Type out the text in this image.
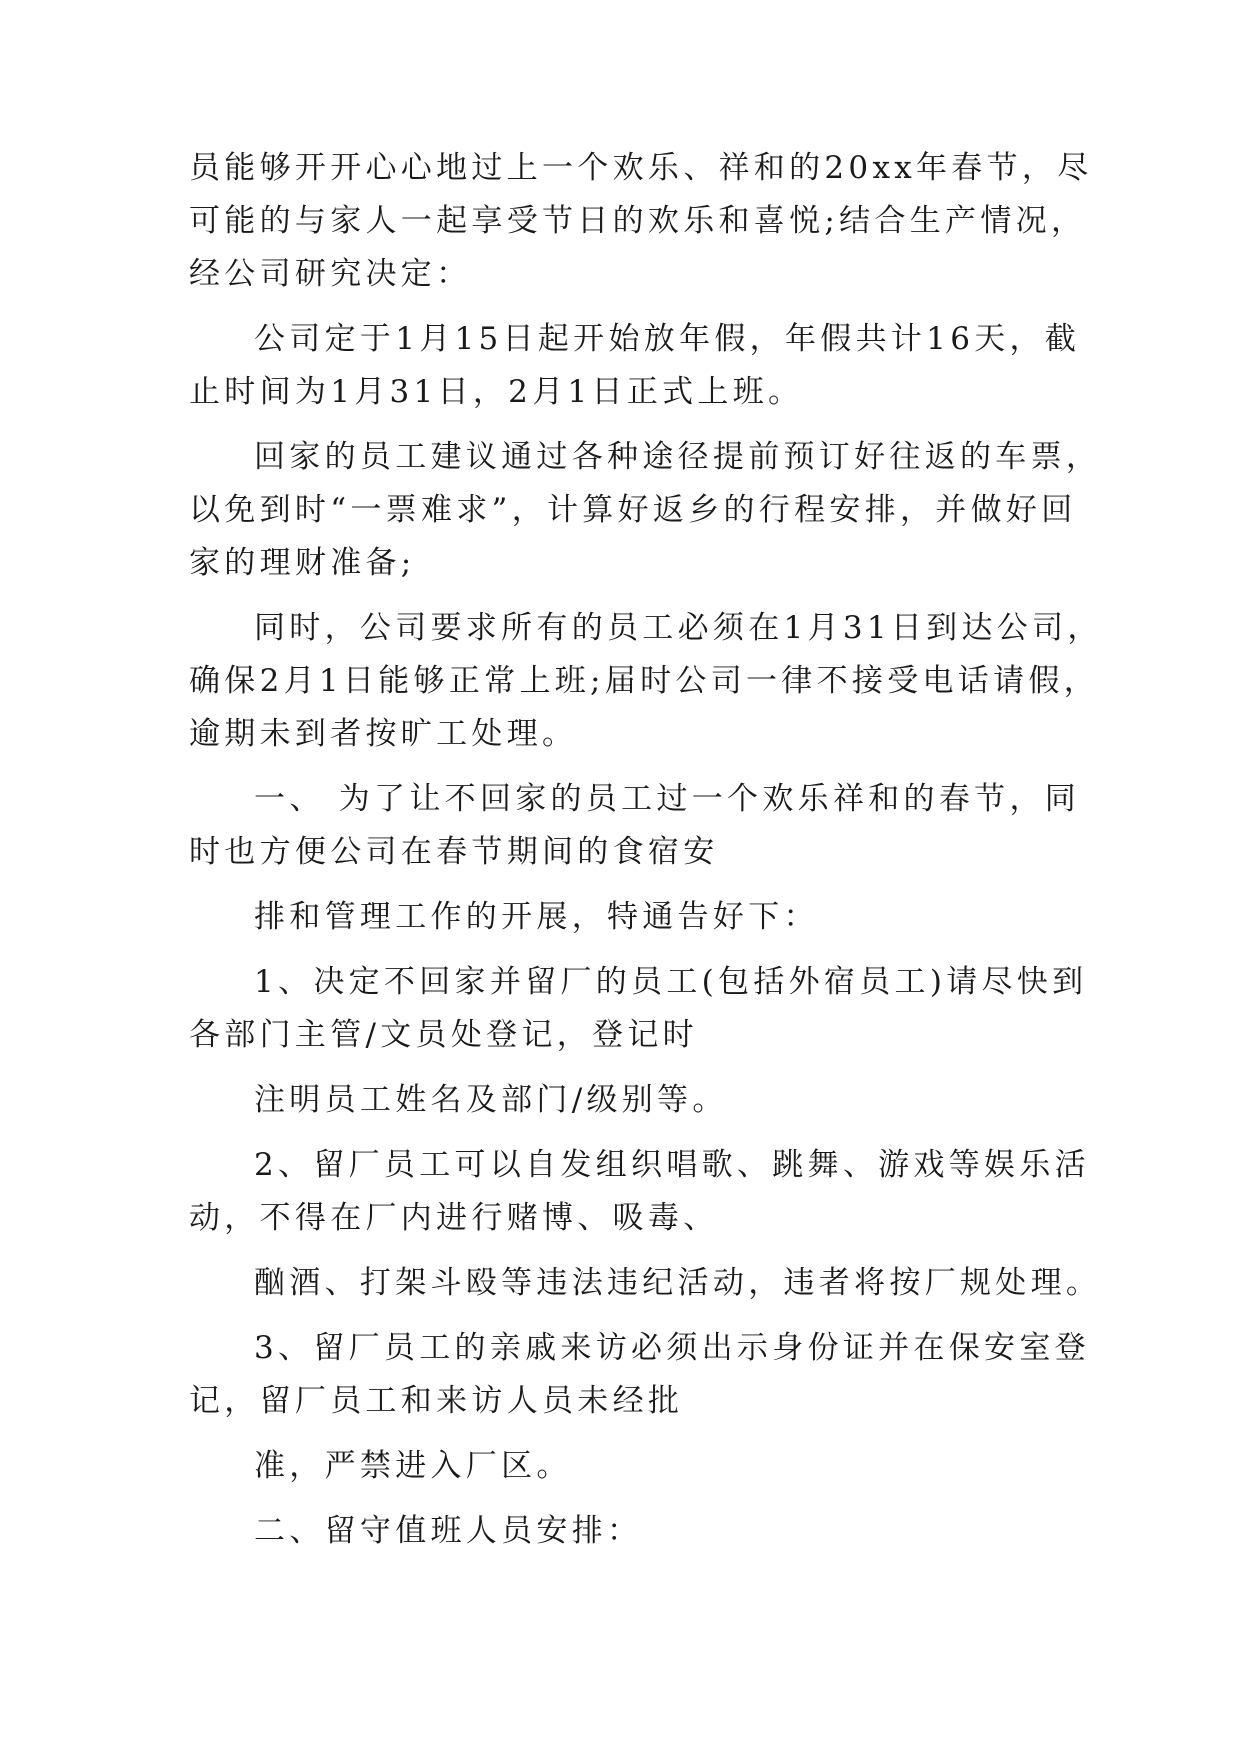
员能够开开心心地过上一个欢乐、祥和的20xx年春节，尽
可能的与家人一起享受节日的欢乐和喜悦;结合生产情况，
经公司研究决定：
公司定于1月15日起开始放年假，年假共计16天，截
止时间为1月31日，2月1日正式上班。
回家的员工建议通过各种途径提前预订好往返的车票，
以免到时“一票难求”，计算好返乡的行程安排，并做好回
家的理财准备;
同时，公司要求所有的员工必须在1月31日到达公司，
确保2月1日能够正常上班;届时公司一律不接受电话请假，
逾期未到者按旷工处理。
一、 为了让不回家的员工过一个欢乐祥和的春节，同
时也方便公司在春节期间的食宿安
排和管理工作的开展，特通告好下：
1、决定不回家并留厂的员工(包括外宿员工)请尽快到
各部门主管/文员处登记，登记时
注明员工姓名及部门/级别等。
2、留厂员工可以自发组织唱歌、跳舞、游戏等娱乐活
动，不得在厂内进行赌博、吸毒、
酗酒、打架斗殴等违法违纪活动，违者将按厂规处理。
3、留厂员工的亲戚来访必须出示身份证并在保安室登
记，留厂员工和来访人员未经批
准，严禁进入厂区。
二、留守值班人员安排：
